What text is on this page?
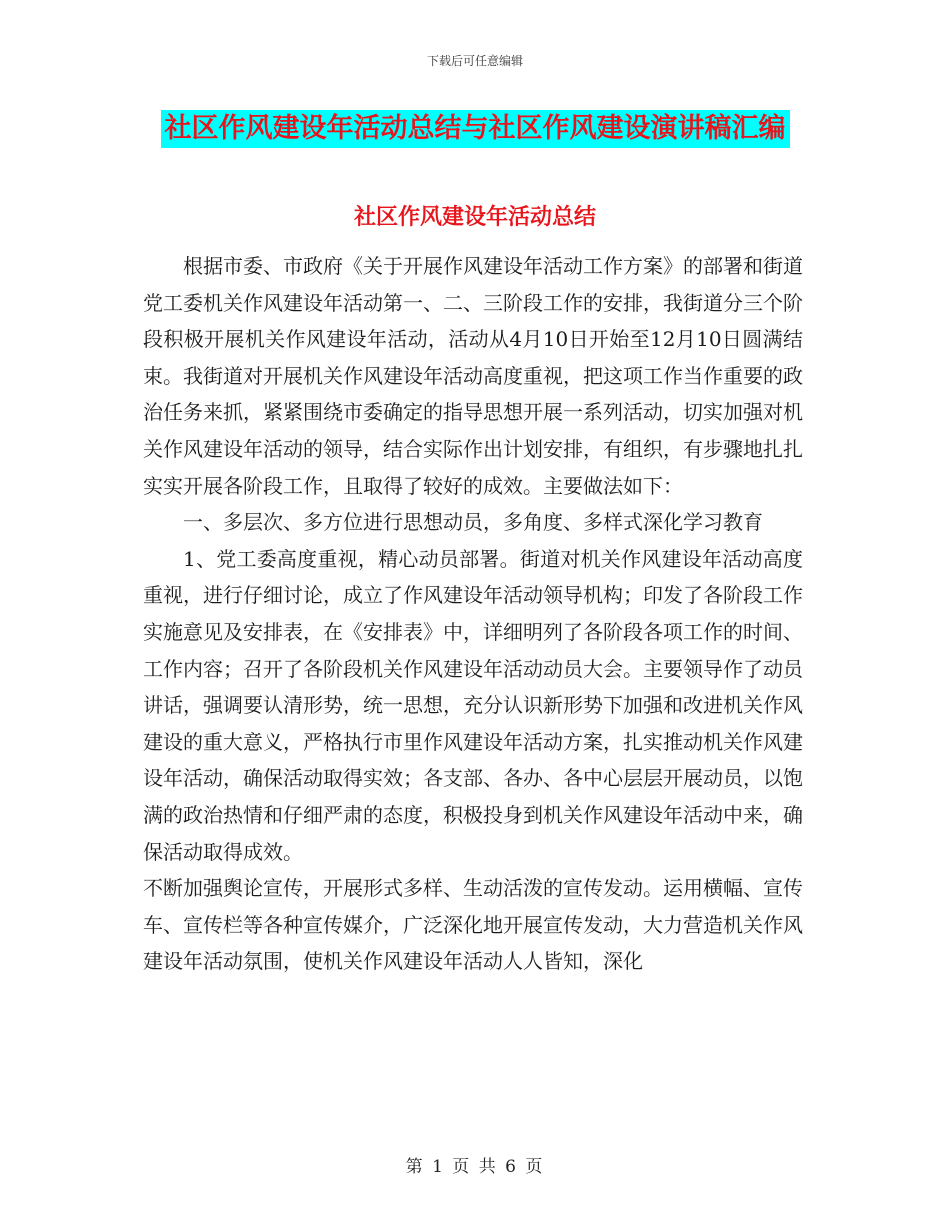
下载后可任意编辑
社区作风建设年活动总结与社区作风建设演讲稿汇编
社区作风建设年活动总结

根据市委、市政府《关于开展作风建设年活动工作方案》的部署和街道党工委机关作风建设年活动第一、二、三阶段工作的安排，我街道分三个阶段积极开展机关作风建设年活动，活动从4月10日开始至12月10日圆满结束。我街道对开展机关作风建设年活动高度重视，把这项工作当作重要的政治任务来抓，紧紧围绕市委确定的指导思想开展一系列活动，切实加强对机关作风建设年活动的领导，结合实际作出计划安排，有组织，有步骤地扎扎实实开展各阶段工作，且取得了较好的成效。主要做法如下：

一、多层次、多方位进行思想动员，多角度、多样式深化学习教育

1、党工委高度重视，精心动员部署。街道对机关作风建设年活动高度重视，进行仔细讨论，成立了作风建设年活动领导机构；印发了各阶段工作实施意见及安排表，在《安排表》中，详细明列了各阶段各项工作的时间、工作内容；召开了各阶段机关作风建设年活动动员大会。主要领导作了动员讲话，强调要认清形势，统一思想，充分认识新形势下加强和改进机关作风建设的重大意义，严格执行市里作风建设年活动方案，扎实推动机关作风建设年活动，确保活动取得实效；各支部、各办、各中心层层开展动员，以饱满的政治热情和仔细严肃的态度，积极投身到机关作风建设年活动中来，确保活动取得成效。

不断加强舆论宣传，开展形式多样、生动活泼的宣传发动。运用横幅、宣传车、宣传栏等各种宣传媒介，广泛深化地开展宣传发动，大力营造机关作风建设年活动氛围，使机关作风建设年活动人人皆知，深化

第 1 页 共 6 页
